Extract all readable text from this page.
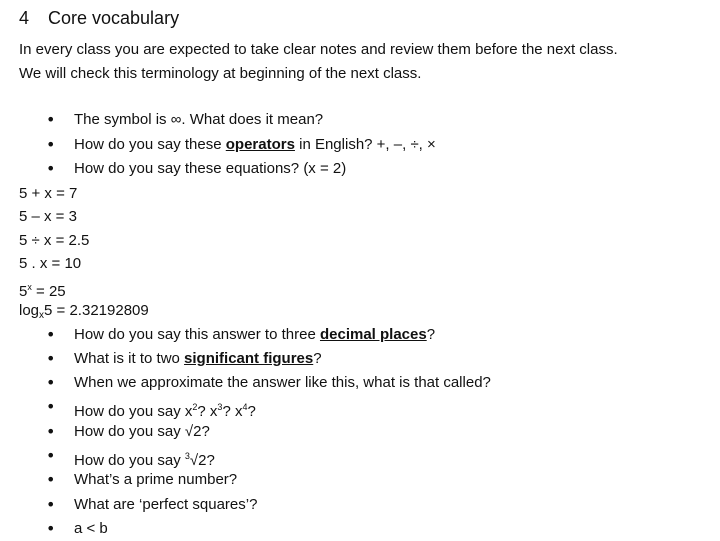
4	Core vocabulary

In every class you are expected to take clear notes and review them before the next class.
We will check this terminology at beginning of the next class.

• The symbol is ∞. What does it mean?
• How do you say these operators in English? +, –, ÷, ×
• How do you say these equations? (x = 2)
5 + x = 7
5 – x = 3
5 ÷ x = 2.5
5 . x = 10
$5^x = 25$
$\log_x5 = 2.32192809$
• How do you say this answer to three decimal places?
• What is it to two significant figures?
• When we approximate the answer like this, what is that called?
• How do you say $x^2$? $x^3$? $x^4$?
• How do you say √2?
• How do you say $^3$√2?
• What’s a prime number?
• What are ‘perfect squares’?
• a < b
